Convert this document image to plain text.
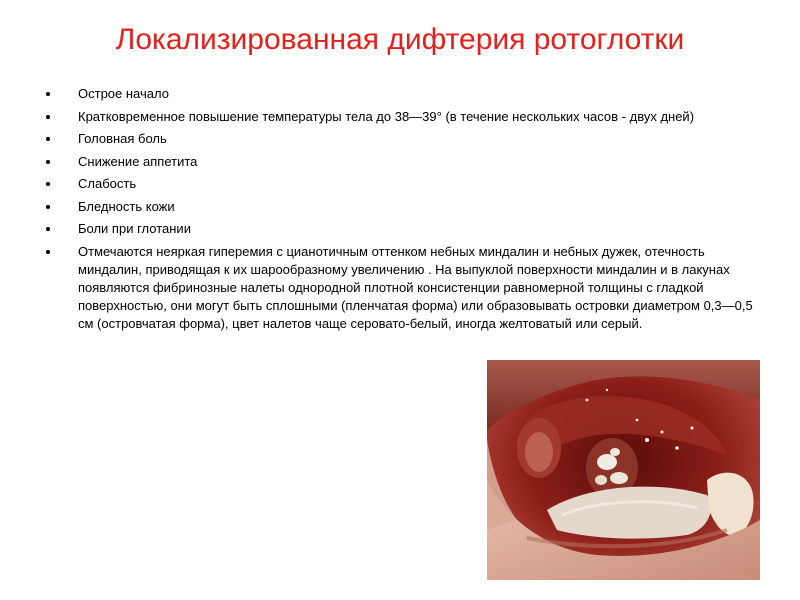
Локализированная дифтерия ротоглотки
Острое начало
Кратковременное повышение температуры тела до 38—39° (в течение нескольких часов - двух дней)
Головная боль
Снижение аппетита
Слабость
Бледность кожи
Боли при глотании
Отмечаются неяркая гиперемия с цианотичным оттенком небных миндалин и небных дужек, отечность миндалин, приводящая к их шарообразному увеличению . На выпуклой поверхности миндалин и в лакунах появляются фибринозные налеты однородной плотной консистенции равномерной толщины с гладкой поверхностью, они могут быть сплошными (пленчатая форма) или образовывать островки диаметром 0,3—0,5 см (островчатая форма), цвет налетов чаще серовато-белый, иногда желтоватый или серый.
